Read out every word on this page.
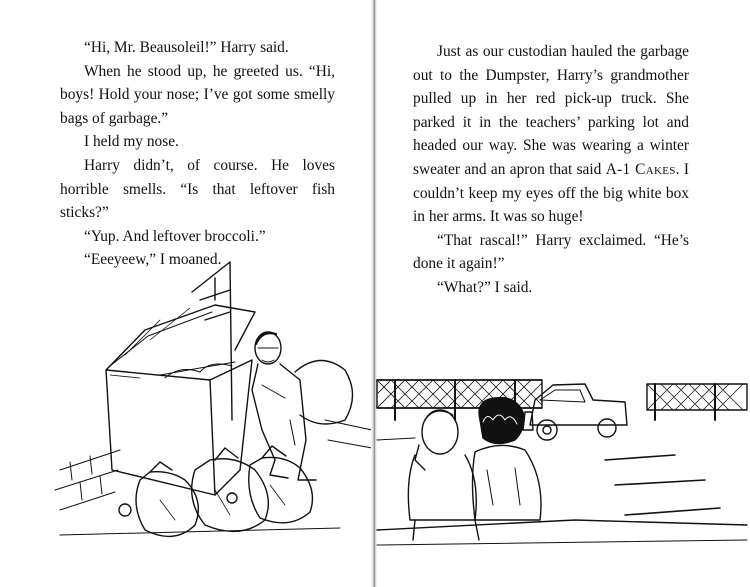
“Hi, Mr. Beausoleil!” Harry said.

When he stood up, he greeted us. “Hi, boys! Hold your nose; I’ve got some smelly bags of garbage.”

I held my nose.

Harry didn’t, of course. He loves horrible smells. “Is that leftover fish sticks?”

“Yup. And leftover broccoli.”

“Eeeyeew,” I moaned.

Just as our custodian hauled the garbage out to the Dumpster, Harry’s grandmother pulled up in her red pick-up truck. She parked it in the teachers’ parking lot and headed our way. She was wearing a winter sweater and an apron that said A-1 Cakes. I couldn’t keep my eyes off the big white box in her arms. It was so huge!

“That rascal!” Harry exclaimed. “He’s done it again!”

“What?” I said.
